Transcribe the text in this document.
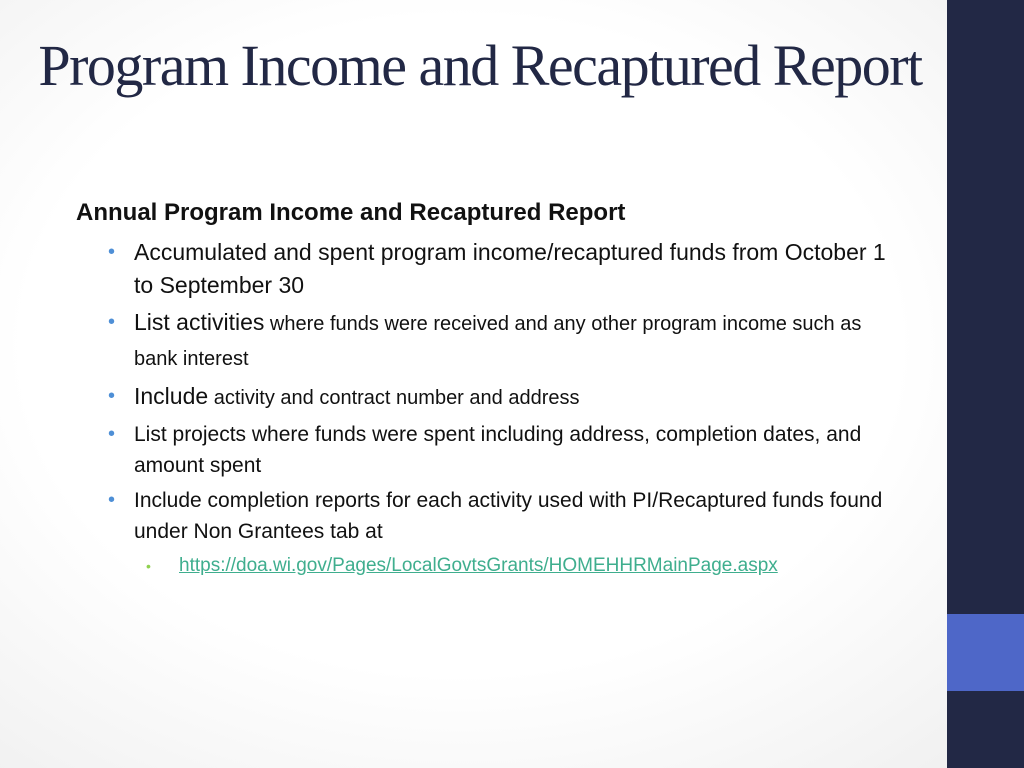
Program Income and Recaptured Report
Annual Program Income and Recaptured Report
• Accumulated and spent program income/recaptured funds from October 1 to September 30
• List activities where funds were received and any other program income such as bank interest
• Include activity and contract number and address
• List projects where funds were spent including address, completion dates, and amount spent
• Include completion reports for each activity used with PI/Recaptured funds found under Non Grantees tab at
• https://doa.wi.gov/Pages/LocalGovtsGrants/HOMEHHRMainPage.aspx
